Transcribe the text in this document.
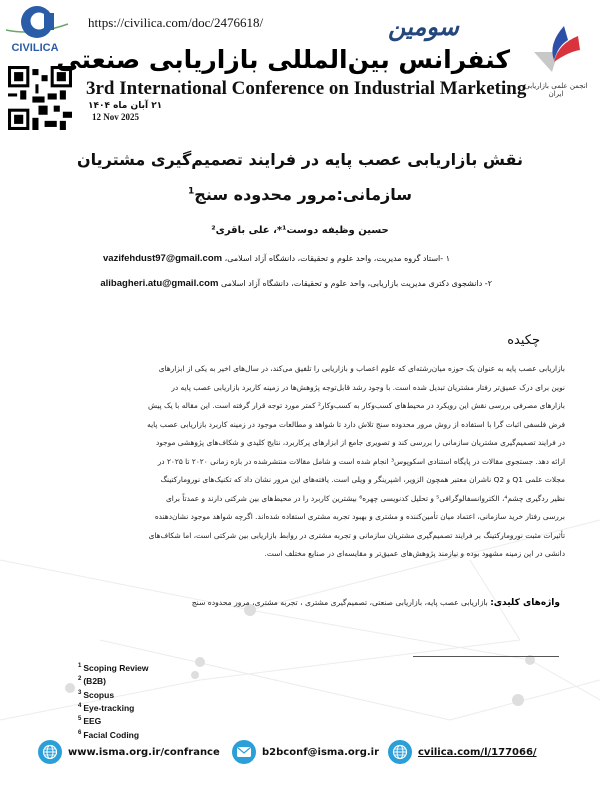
CIVILICA
https://civilica.com/doc/2476618/	سومین
کنفرانس بین‌المللی بازاریابی صنعتی
3rd International Conference on Industrial Marketing
۲۱ آبان ماه ۱۴۰۴
12 Nov 2025
انجمن علمی بازاریابی ایران
نقش بازاریابی عصب پایه در فرایند تصمیم‌گیری مشتریان
سازمانی:مرور محدوده سنج$^1$
حسین وظیفه دوست¹*، علی باقری²
۱ -استاد گروه مدیریت، واحد علوم و تحقیقات، دانشگاه آزاد اسلامی، vazifehdust97@gmail.com
۲- دانشجوی دکتری مدیریت بازاریابی، واحد علوم و تحقیقات، دانشگاه آزاد اسلامی alibagheri.atu@gmail.com
چکیده
بازاریابی عصب پایه به عنوان یک حوزه میان‌رشته‌ای که علوم اعصاب و بازاریابی را تلفیق می‌کند، در سال‌های اخیر به یکی از ابزارهای
نوین برای درک عمیق‌تر رفتار مشتریان تبدیل شده است. با وجود رشد قابل‌توجه پژوهش‌ها در زمینه کاربرد بازاریابی عصب پایه در
بازارهای مصرفی بررسی نقش این رویکرد در محیط‌های کسب‌وکار به کسب‌وکار² کمتر مورد توجه قرار گرفته است. این مقاله با یک پیش
فرض فلسفی اثبات گرا با استفاده از روش مرور محدوده سنج تلاش دارد تا شواهد و مطالعات موجود در زمینه کاربرد بازاریابی عصب پایه
در فرایند تصمیم‌گیری مشتریان سازمانی را بررسی کند و تصویری جامع از ابزارهای پرکاربرد، نتایج کلیدی و شکاف‌های پژوهشی موجود
ارائه دهد. جستجوی مقالات در پایگاه استنادی اسکوپوس³ انجام شده است و شامل مقالات منتشرشده در بازه زمانی ۲۰۲۰ تا ۲۰۲۵ در
مجلات علمی Q1 و Q2 ناشران معتبر همچون الزویر، اشپرینگر و ویلی است. یافته‌های این مرور نشان داد که تکنیک‌های نورومارکتینگ
نظیر ردگیری چشم⁴، الکتروانسفالوگرافی⁵ و تحلیل کدنویسی چهره⁶ بیشترین کاربرد را در محیط‌های بین شرکتی دارند و عمدتاً برای
بررسی رفتار خرید سازمانی، اعتماد میان تأمین‌کننده و مشتری و بهبود تجربه مشتری استفاده شده‌اند. اگرچه شواهد موجود نشان‌دهنده
تأثیرات مثبت نورومارکتینگ بر فرایند تصمیم‌گیری مشتریان سازمانی و تجربه مشتری در روابط بازاریابی بین شرکتی است، اما شکاف‌های
دانشی در این زمینه مشهود بوده و نیازمند پژوهش‌های عمیق‌تر و مقایسه‌ای در صنایع مختلف است.
واژه‌های کلیدی: بازاریابی عصب پایه، بازاریابی صنعتی، تصمیم‌گیری مشتری ، تجربه مشتری، مرور محدوده سنج
$^1$ Scoping Review
$^2$ (B2B)
$^3$ Scopus
$^4$ Eye-tracking
$^5$ EEG
$^6$ Facial Coding
www.isma.org.ir/confrance	b2bconf@isma.org.ir	cvilica.com/l/177066/
